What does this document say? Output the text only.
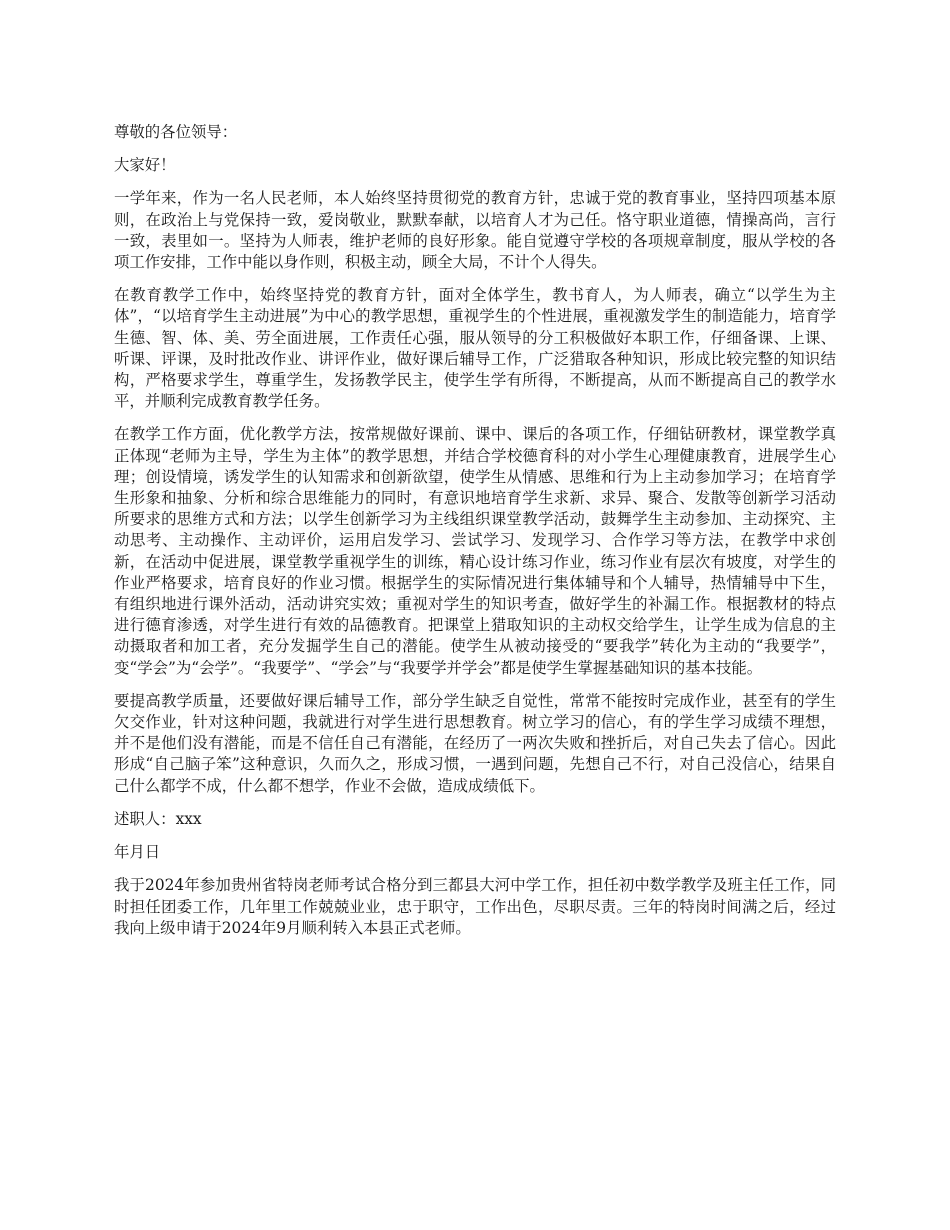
尊敬的各位领导：

大家好！

一学年来，作为一名人民老师，本人始终坚持贯彻党的教育方针，忠诚于党的教育事业，坚持四项基本原则，在政治上与党保持一致，爱岗敬业，默默奉献，以培育人才为己任。恪守职业道德，情操高尚，言行一致，表里如一。坚持为人师表，维护老师的良好形象。能自觉遵守学校的各项规章制度，服从学校的各项工作安排，工作中能以身作则，积极主动，顾全大局，不计个人得失。

在教育教学工作中，始终坚持党的教育方针，面对全体学生，教书育人，为人师表，确立“以学生为主体”，“以培育学生主动进展”为中心的教学思想，重视学生的个性进展，重视激发学生的制造能力，培育学生德、智、体、美、劳全面进展，工作责任心强，服从领导的分工积极做好本职工作，仔细备课、上课、听课、评课，及时批改作业、讲评作业，做好课后辅导工作，广泛猎取各种知识，形成比较完整的知识结构，严格要求学生，尊重学生，发扬教学民主，使学生学有所得，不断提高，从而不断提高自己的教学水平，并顺利完成教育教学任务。

在教学工作方面，优化教学方法，按常规做好课前、课中、课后的各项工作，仔细钻研教材，课堂教学真正体现“老师为主导，学生为主体”的教学思想，并结合学校德育科的对小学生心理健康教育，进展学生心理；创设情境，诱发学生的认知需求和创新欲望，使学生从情感、思维和行为上主动参加学习；在培育学生形象和抽象、分析和综合思维能力的同时，有意识地培育学生求新、求异、聚合、发散等创新学习活动所要求的思维方式和方法；以学生创新学习为主线组织课堂教学活动，鼓舞学生主动参加、主动探究、主动思考、主动操作、主动评价，运用启发学习、尝试学习、发现学习、合作学习等方法，在教学中求创新，在活动中促进展，课堂教学重视学生的训练，精心设计练习作业，练习作业有层次有坡度，对学生的作业严格要求，培育良好的作业习惯。根据学生的实际情况进行集体辅导和个人辅导，热情辅导中下生，有组织地进行课外活动，活动讲究实效；重视对学生的知识考查，做好学生的补漏工作。根据教材的特点进行德育渗透，对学生进行有效的品德教育。把课堂上猎取知识的主动权交给学生，让学生成为信息的主动摄取者和加工者，充分发掘学生自己的潜能。使学生从被动接受的“要我学”转化为主动的“我要学”，变“学会”为“会学”。“我要学”、“学会”与“我要学并学会”都是使学生掌握基础知识的基本技能。

要提高教学质量，还要做好课后辅导工作，部分学生缺乏自觉性，常常不能按时完成作业，甚至有的学生欠交作业，针对这种问题，我就进行对学生进行思想教育。树立学习的信心，有的学生学习成绩不理想，并不是他们没有潜能，而是不信任自己有潜能，在经历了一两次失败和挫折后，对自己失去了信心。因此形成“自己脑子笨”这种意识，久而久之，形成习惯，一遇到问题，先想自己不行，对自己没信心，结果自己什么都学不成，什么都不想学，作业不会做，造成成绩低下。

述职人：xxx

年月日

我于2024年参加贵州省特岗老师考试合格分到三都县大河中学工作，担任初中数学教学及班主任工作，同时担任团委工作，几年里工作兢兢业业，忠于职守，工作出色，尽职尽责。三年的特岗时间满之后，经过我向上级申请于2024年9月顺利转入本县正式老师。
